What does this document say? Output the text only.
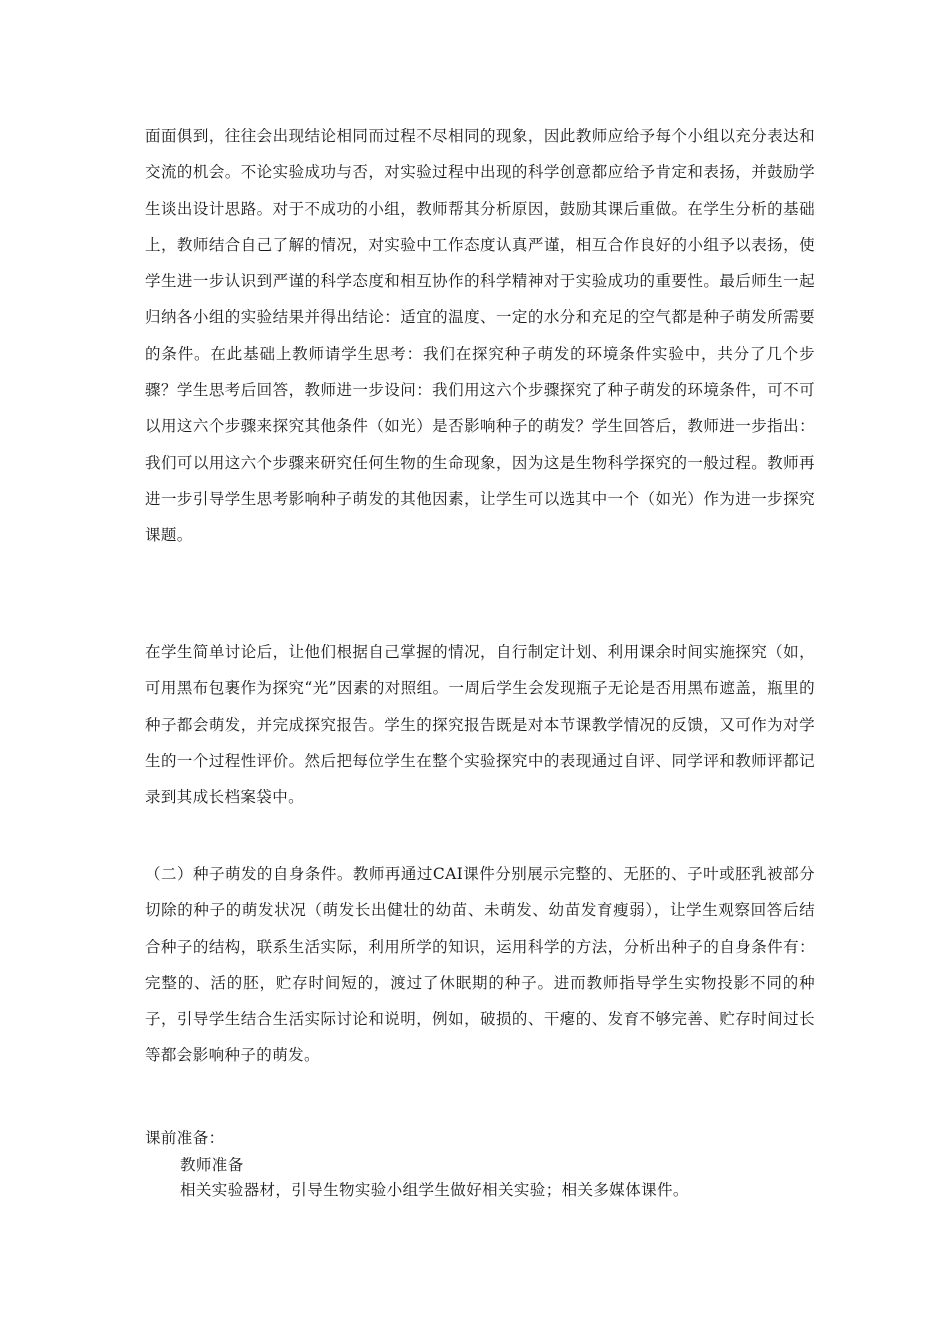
面面俱到，往往会出现结论相同而过程不尽相同的现象，因此教师应给予每个小组以充分表达和交流的机会。不论实验成功与否，对实验过程中出现的科学创意都应给予肯定和表扬，并鼓励学生谈出设计思路。对于不成功的小组，教师帮其分析原因，鼓励其课后重做。在学生分析的基础上，教师结合自己了解的情况，对实验中工作态度认真严谨，相互合作良好的小组予以表扬，使学生进一步认识到严谨的科学态度和相互协作的科学精神对于实验成功的重要性。最后师生一起归纳各小组的实验结果并得出结论：适宜的温度、一定的水分和充足的空气都是种子萌发所需要的条件。在此基础上教师请学生思考：我们在探究种子萌发的环境条件实验中，共分了几个步骤？学生思考后回答，教师进一步设问：我们用这六个步骤探究了种子萌发的环境条件，可不可以用这六个步骤来探究其他条件（如光）是否影响种子的萌发？学生回答后，教师进一步指出：我们可以用这六个步骤来研究任何生物的生命现象，因为这是生物科学探究的一般过程。教师再进一步引导学生思考影响种子萌发的其他因素，让学生可以选其中一个（如光）作为进一步探究课题。

在学生简单讨论后，让他们根据自己掌握的情况，自行制定计划、利用课余时间实施探究（如，可用黑布包裹作为探究“光”因素的对照组。一周后学生会发现瓶子无论是否用黑布遮盖，瓶里的种子都会萌发，并完成探究报告。学生的探究报告既是对本节课教学情况的反馈，又可作为对学生的一个过程性评价。然后把每位学生在整个实验探究中的表现通过自评、同学评和教师评都记录到其成长档案袋中。

（二）种子萌发的自身条件。教师再通过CAI课件分别展示完整的、无胚的、子叶或胚乳被部分切除的种子的萌发状况（萌发长出健壮的幼苗、未萌发、幼苗发育瘦弱），让学生观察回答后结合种子的结构，联系生活实际，利用所学的知识，运用科学的方法，分析出种子的自身条件有：完整的、活的胚，贮存时间短的，渡过了休眠期的种子。进而教师指导学生实物投影不同的种子，引导学生结合生活实际讨论和说明，例如，破损的、干瘪的、发育不够完善、贮存时间过长等都会影响种子的萌发。

课前准备：

教师准备

相关实验器材，引导生物实验小组学生做好相关实验；相关多媒体课件。
